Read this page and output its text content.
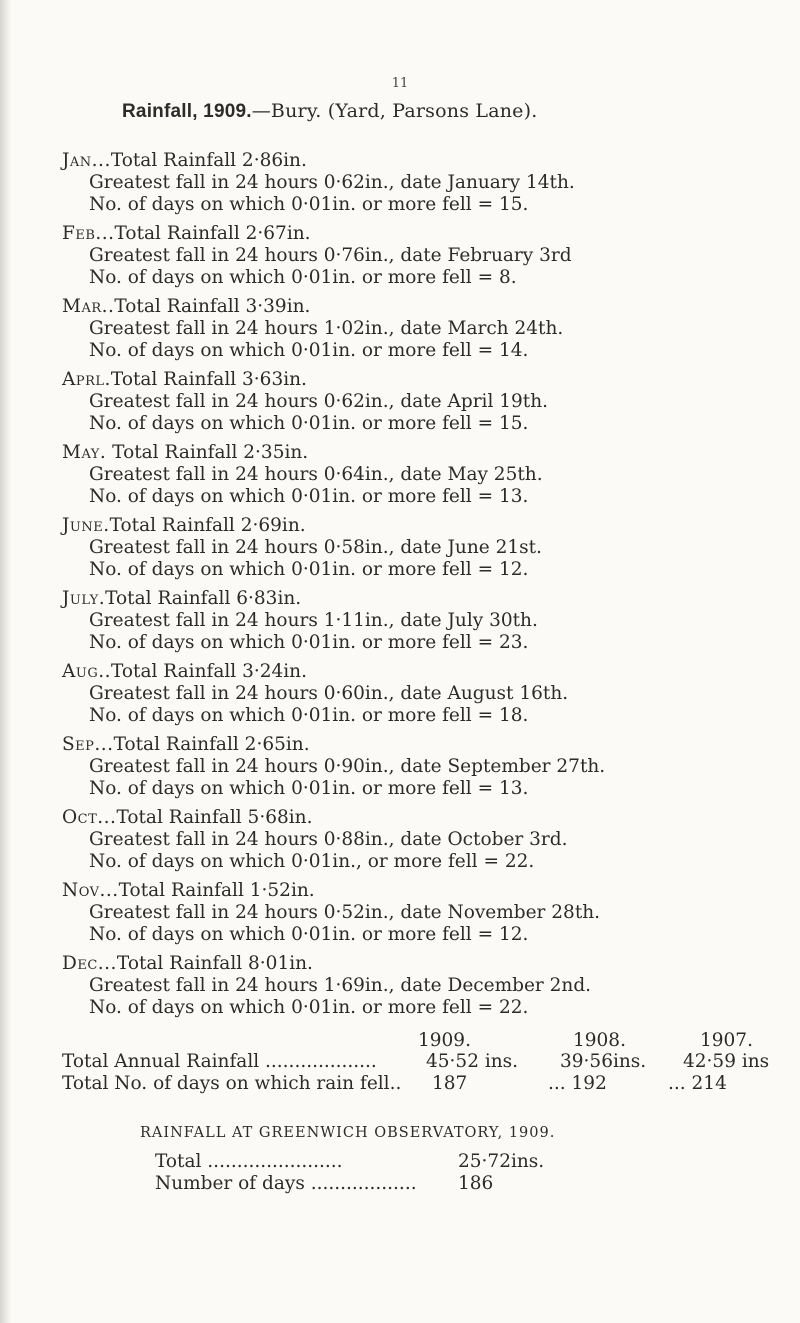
11
Rainfall, 1909.—Bury. (Yard, Parsons Lane).
Jan...Total Rainfall 2·86in.
Greatest fall in 24 hours 0·62in., date January 14th.
No. of days on which 0·01in. or more fell = 15.
Feb...Total Rainfall 2·67in.
Greatest fall in 24 hours 0·76in., date February 3rd
No. of days on which 0·01in. or more fell = 8.
Mar..Total Rainfall 3·39in.
Greatest fall in 24 hours 1·02in., date March 24th.
No. of days on which 0·01in. or more fell = 14.
Aprl.Total Rainfall 3·63in.
Greatest fall in 24 hours 0·62in., date April 19th.
No. of days on which 0·01in. or more fell = 15.
May. Total Rainfall 2·35in.
Greatest fall in 24 hours 0·64in., date May 25th.
No. of days on which 0·01in. or more fell = 13.
June.Total Rainfall 2·69in.
Greatest fall in 24 hours 0·58in., date June 21st.
No. of days on which 0·01in. or more fell = 12.
July.Total Rainfall 6·83in.
Greatest fall in 24 hours 1·11in., date July 30th.
No. of days on which 0·01in. or more fell = 23.
Aug..Total Rainfall 3·24in.
Greatest fall in 24 hours 0·60in., date August 16th.
No. of days on which 0·01in. or more fell = 18.
Sep...Total Rainfall 2·65in.
Greatest fall in 24 hours 0·90in., date September 27th.
No. of days on which 0·01in. or more fell = 13.
Oct...Total Rainfall 5·68in.
Greatest fall in 24 hours 0·88in., date October 3rd.
No. of days on which 0·01in., or more fell = 22.
Nov...Total Rainfall 1·52in.
Greatest fall in 24 hours 0·52in., date November 28th.
No. of days on which 0·01in. or more fell = 12.
Dec...Total Rainfall 8·01in.
Greatest fall in 24 hours 1·69in., date December 2nd.
No. of days on which 0·01in. or more fell = 22.
1909.	1908.	1907.
Total Annual Rainfall ...................	45·52 ins. 39·56ins. 42·59 ins
Total No. of days on which rain fell.. 187	... 192	... 214
RAINFALL AT GREENWICH OBSERVATORY, 1909.
Total .......................	25·72ins.
Number of days .................. 186
